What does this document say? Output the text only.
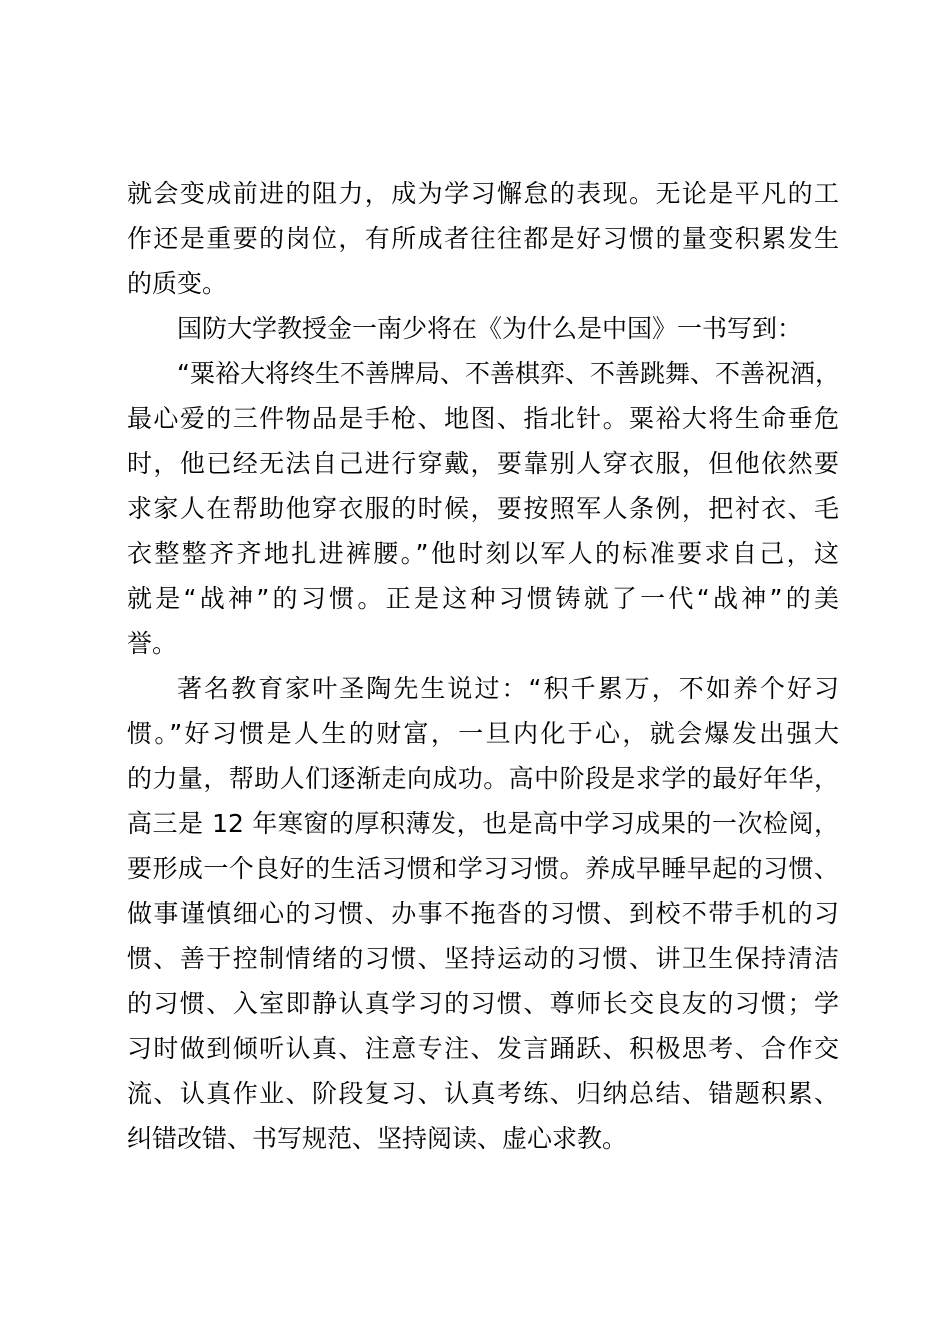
就会变成前进的阻力，成为学习懈怠的表现。无论是平凡的工
作还是重要的岗位，有所成者往往都是好习惯的量变积累发生
的质变。
国防大学教授金一南少将在《为什么是中国》一书写到：
“粟裕大将终生不善牌局、不善棋弈、不善跳舞、不善祝酒，
最心爱的三件物品是手枪、地图、指北针。粟裕大将生命垂危
时，他已经无法自己进行穿戴，要靠别人穿衣服，但他依然要
求家人在帮助他穿衣服的时候，要按照军人条例，把衬衣、毛
衣整整齐齐地扎进裤腰。”他时刻以军人的标准要求自己，这
就是“战神”的习惯。正是这种习惯铸就了一代“战神”的美
誉。
著名教育家叶圣陶先生说过：“积千累万，不如养个好习
惯。”好习惯是人生的财富，一旦内化于心，就会爆发出强大
的力量，帮助人们逐渐走向成功。高中阶段是求学的最好年华，
高三是 12 年寒窗的厚积薄发，也是高中学习成果的一次检阅，
要形成一个良好的生活习惯和学习习惯。养成早睡早起的习惯、
做事谨慎细心的习惯、办事不拖沓的习惯、到校不带手机的习
惯、善于控制情绪的习惯、坚持运动的习惯、讲卫生保持清洁
的习惯、入室即静认真学习的习惯、尊师长交良友的习惯；学
习时做到倾听认真、注意专注、发言踊跃、积极思考、合作交
流、认真作业、阶段复习、认真考练、归纳总结、错题积累、
纠错改错、书写规范、坚持阅读、虚心求教。
